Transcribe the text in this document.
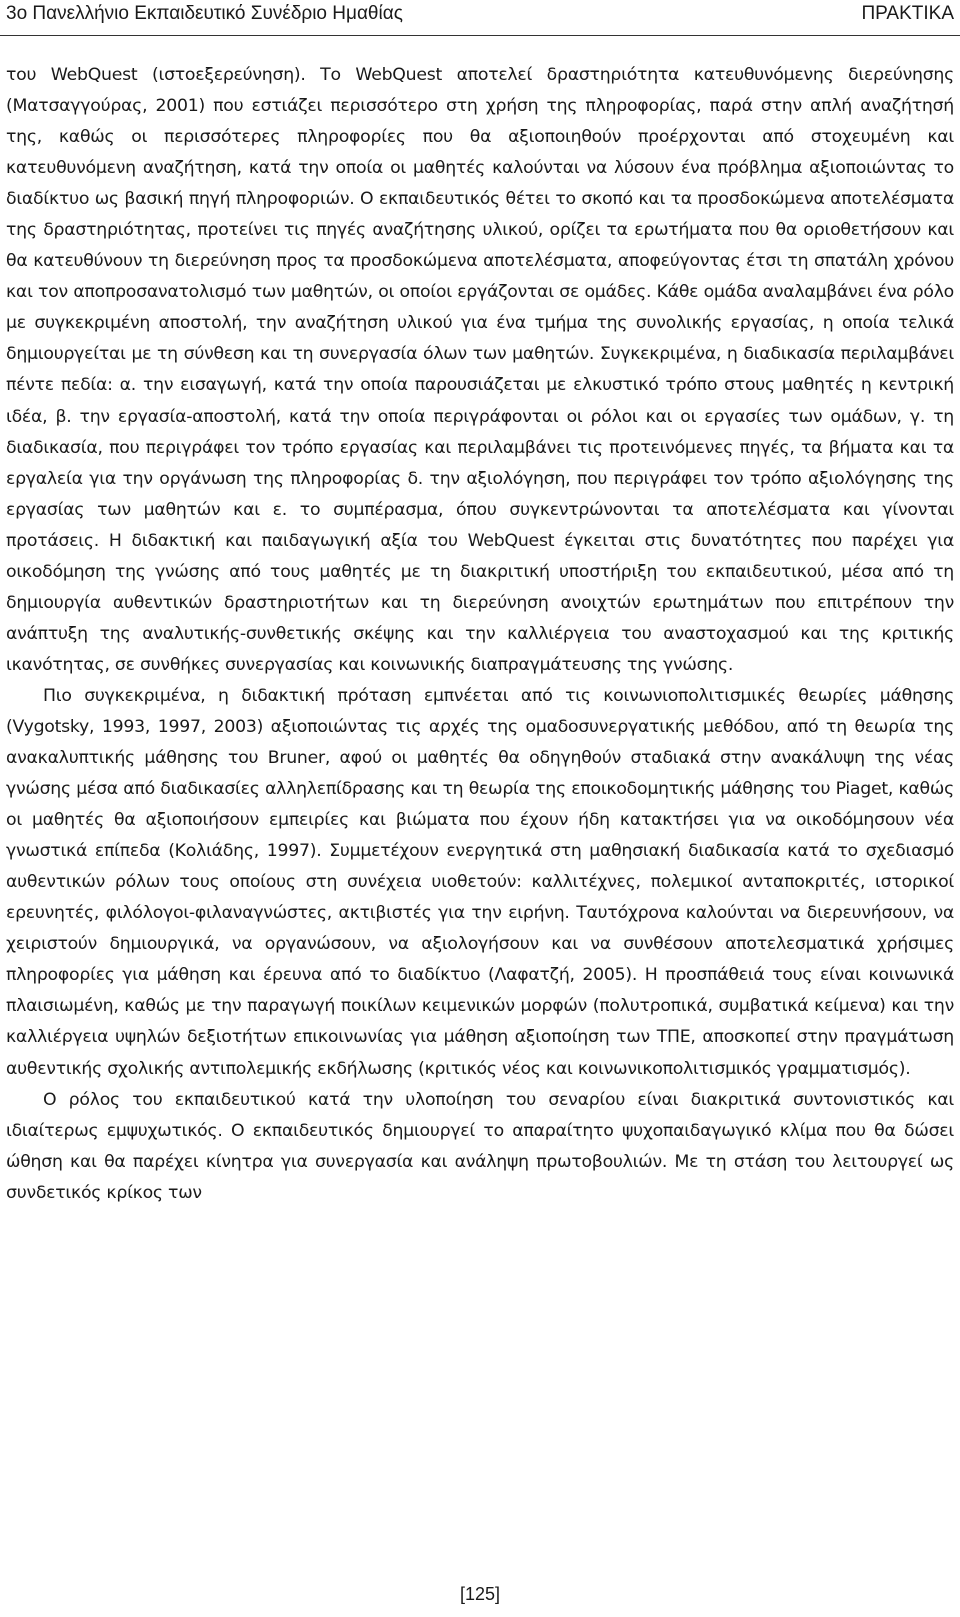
3ο Πανελλήνιο Εκπαιδευτικό Συνέδριο Ημαθίας	ΠΡΑΚΤΙΚΑ

του WebQuest (ιστοεξερεύνηση). Το WebQuest αποτελεί δραστηριότητα κατευθυνόμενης διερεύνησης (Ματσαγγούρας, 2001) που εστιάζει περισσότερο στη χρήση της πληροφορίας, παρά στην απλή αναζήτησή της, καθώς οι περισσότερες πληροφορίες που θα αξιοποιηθούν προέρχονται από στοχευμένη και κατευθυνόμενη αναζήτηση, κατά την οποία οι μαθητές καλούνται να λύσουν ένα πρόβλημα αξιοποιώντας το διαδίκτυο ως βασική πηγή πληροφοριών. Ο εκπαιδευτικός θέτει το σκοπό και τα προσδοκώμενα αποτελέσματα της δραστηριότητας, προτείνει τις πηγές αναζήτησης υλικού, ορίζει τα ερωτήματα που θα οριοθετήσουν και θα κατευθύνουν τη διερεύνηση προς τα προσδοκώμενα αποτελέσματα, αποφεύγοντας έτσι τη σπατάλη χρόνου και τον αποπροσανατολισμό των μαθητών, οι οποίοι εργάζονται σε ομάδες. Κάθε ομάδα αναλαμβάνει ένα ρόλο με συγκεκριμένη αποστολή, την αναζήτηση υλικού για ένα τμήμα της συνολικής εργασίας, η οποία τελικά δημιουργείται με τη σύνθεση και τη συνεργασία όλων των μαθητών. Συγκεκριμένα, η διαδικασία περιλαμβάνει πέντε πεδία: α. την εισαγωγή, κατά την οποία παρουσιάζεται με ελκυστικό τρόπο στους μαθητές η κεντρική ιδέα, β. την εργασία-αποστολή, κατά την οποία περιγράφονται οι ρόλοι και οι εργασίες των ομάδων, γ. τη διαδικασία, που περιγράφει τον τρόπο εργασίας και περιλαμβάνει τις προτεινόμενες πηγές, τα βήματα και τα εργαλεία για την οργάνωση της πληροφορίας δ. την αξιολόγηση, που περιγράφει τον τρόπο αξιολόγησης της εργασίας των μαθητών και ε. το συμπέρασμα, όπου συγκεντρώνονται τα αποτελέσματα και γίνονται προτάσεις. Η διδακτική και παιδαγωγική αξία του WebQuest έγκειται στις δυνατότητες που παρέχει για οικοδόμηση της γνώσης από τους μαθητές με τη διακριτική υποστήριξη του εκπαιδευτικού, μέσα από τη δημιουργία αυθεντικών δραστηριοτήτων και τη διερεύνηση ανοιχτών ερωτημάτων που επιτρέπουν την ανάπτυξη της αναλυτικής-συνθετικής σκέψης και την καλλιέργεια του αναστοχασμού και της κριτικής ικανότητας, σε συνθήκες συνεργασίας και κοινωνικής διαπραγμάτευσης της γνώσης.

Πιο συγκεκριμένα, η διδακτική πρόταση εμπνέεται από τις κοινωνιοπολιτισμικές θεωρίες μάθησης (Vygotsky, 1993, 1997, 2003) αξιοποιώντας τις αρχές της ομαδοσυνεργατικής μεθόδου, από τη θεωρία της ανακαλυπτικής μάθησης του Bruner, αφού οι μαθητές θα οδηγηθούν σταδιακά στην ανακάλυψη της νέας γνώσης μέσα από διαδικασίες αλληλεπίδρασης και τη θεωρία της εποικοδομητικής μάθησης του Piaget, καθώς οι μαθητές θα αξιοποιήσουν εμπειρίες και βιώματα που έχουν ήδη κατακτήσει για να οικοδόμησουν νέα γνωστικά επίπεδα (Κολιάδης, 1997). Συμμετέχουν ενεργητικά στη μαθησιακή διαδικασία κατά το σχεδιασμό αυθεντικών ρόλων τους οποίους στη συνέχεια υιοθετούν: καλλιτέχνες, πολεμικοί ανταποκριτές, ιστορικοί ερευνητές, φιλόλογοι-φιλαναγνώστες, ακτιβιστές για την ειρήνη. Ταυτόχρονα καλούνται να διερευνήσουν, να χειριστούν δημιουργικά, να οργανώσουν, να αξιολογήσουν και να συνθέσουν αποτελεσματικά χρήσιμες πληροφορίες για μάθηση και έρευνα από το διαδίκτυο (Λαφατζή, 2005). Η προσπάθειά τους είναι κοινωνικά πλαισιωμένη, καθώς με την παραγωγή ποικίλων κειμενικών μορφών (πολυτροπικά, συμβατικά κείμενα) και την καλλιέργεια υψηλών δεξιοτήτων επικοινωνίας για μάθηση αξιοποίηση των ΤΠΕ, αποσκοπεί στην πραγμάτωση αυθεντικής σχολικής αντιπολεμικής εκδήλωσης (κριτικός νέος και κοινωνικοπολιτισμικός γραμματισμός).

Ο ρόλος του εκπαιδευτικού κατά την υλοποίηση του σεναρίου είναι διακριτικά συντονιστικός και ιδιαίτερως εμψυχωτικός. Ο εκπαιδευτικός δημιουργεί το απαραίτητο ψυχοπαιδαγωγικό κλίμα που θα δώσει ώθηση και θα παρέχει κίνητρα για συνεργασία και ανάληψη πρωτοβουλιών. Με τη στάση του λειτουργεί ως συνδετικός κρίκος των

[125]
